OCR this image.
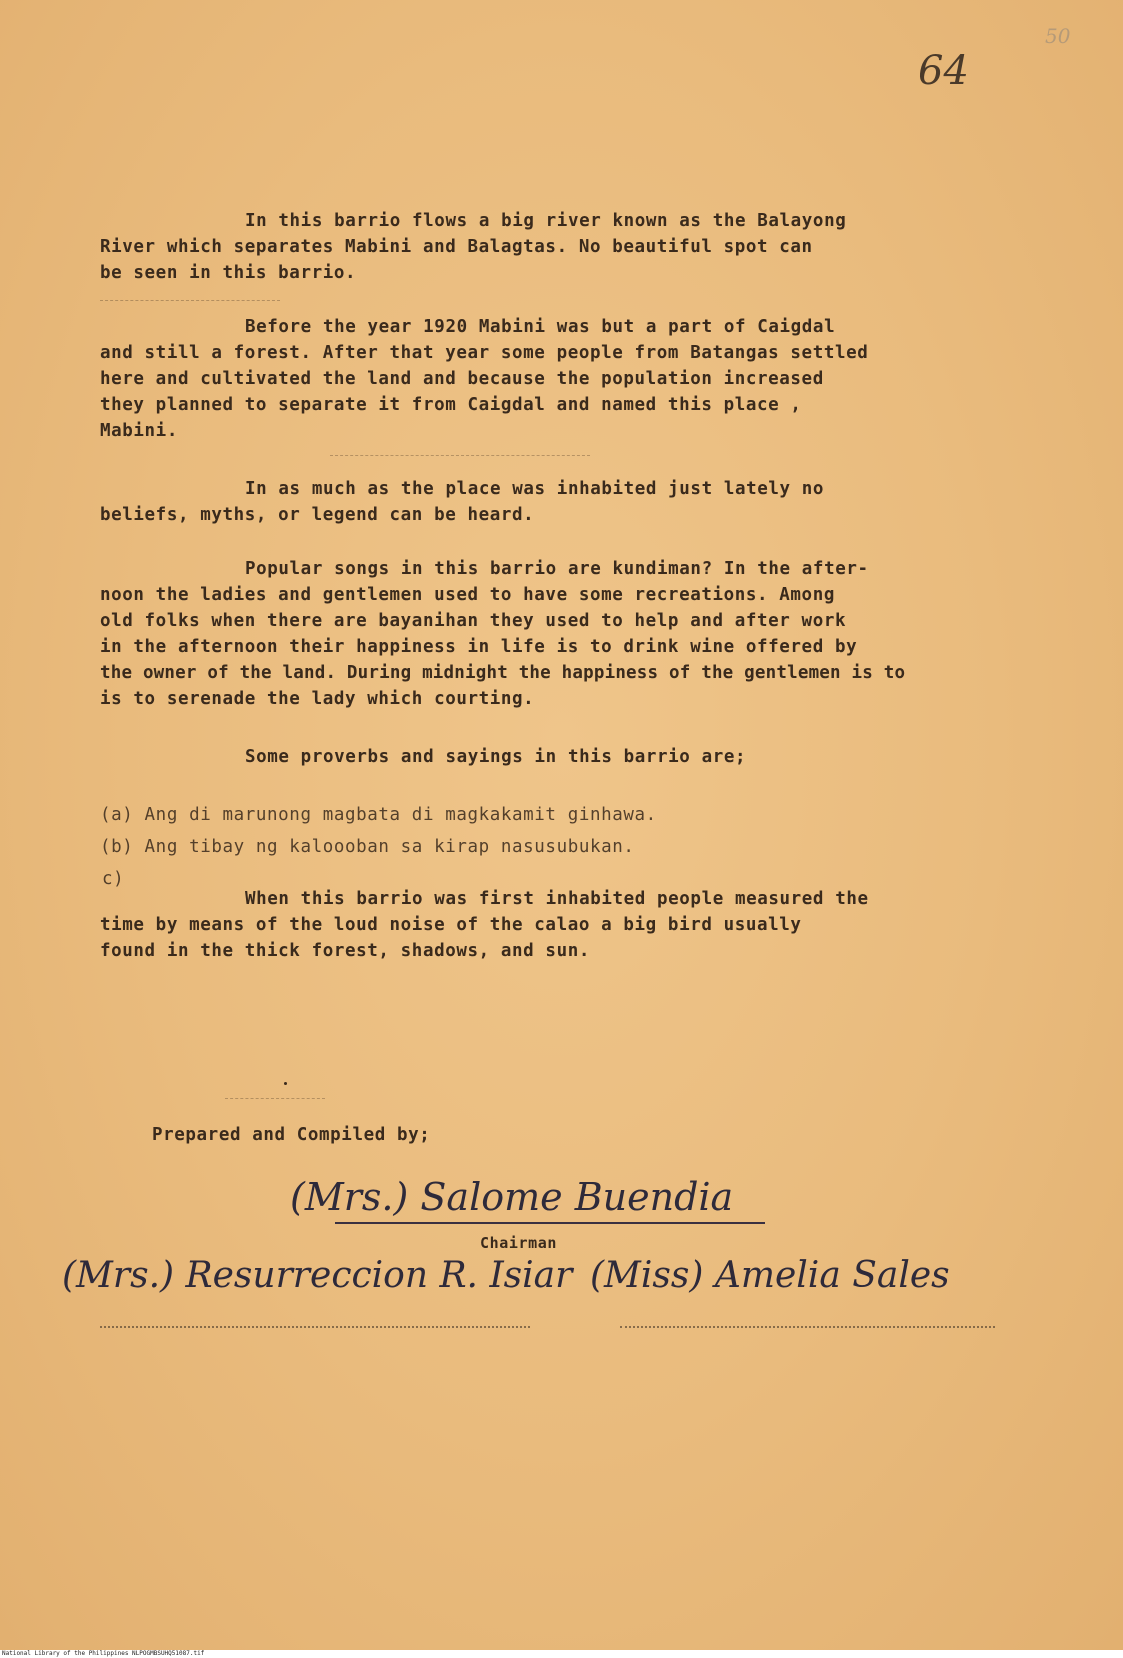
50
64
In this barrio flows a big river known as the Balayong
River which separates Mabini and Balagtas. No beautiful spot can
be seen in this barrio.
Before the year 1920 Mabini was but a part of Caigdal
and still a forest. After that year some people from Batangas settled
here and cultivated the land and because the population increased
they planned to separate it from Caigdal and named this place ,
Mabini.
In as much as the place was inhabited just lately no
beliefs, myths, or legend can be heard.
Popular songs in this barrio are kundiman? In the after-
noon the ladies and gentlemen used to have some recreations. Among
old folks when there are bayanihan they used to help and after work
in the afternoon their happiness in life is to drink wine offered by
the owner of the land. During midnight the happiness of the gentlemen is to
is to serenade the lady which courting.
Some proverbs and sayings in this barrio are;
(a) Ang di marunong magbata di magkakamit ginhawa.
(b) Ang tibay ng kaloooban sa kirap nasusubukan.
c)
When this barrio was first inhabited people measured the
time by means of the loud noise of the calao a big bird usually
found in the thick forest, shadows, and sun.
Prepared and Compiled by;
(Mrs.) Salome Buendia
Chairman
(Mrs.) Resurreccion R. Isiar (Miss) Amelia Sales
National Library of the Philippines NLPOGMBSUHQ51087.tif
